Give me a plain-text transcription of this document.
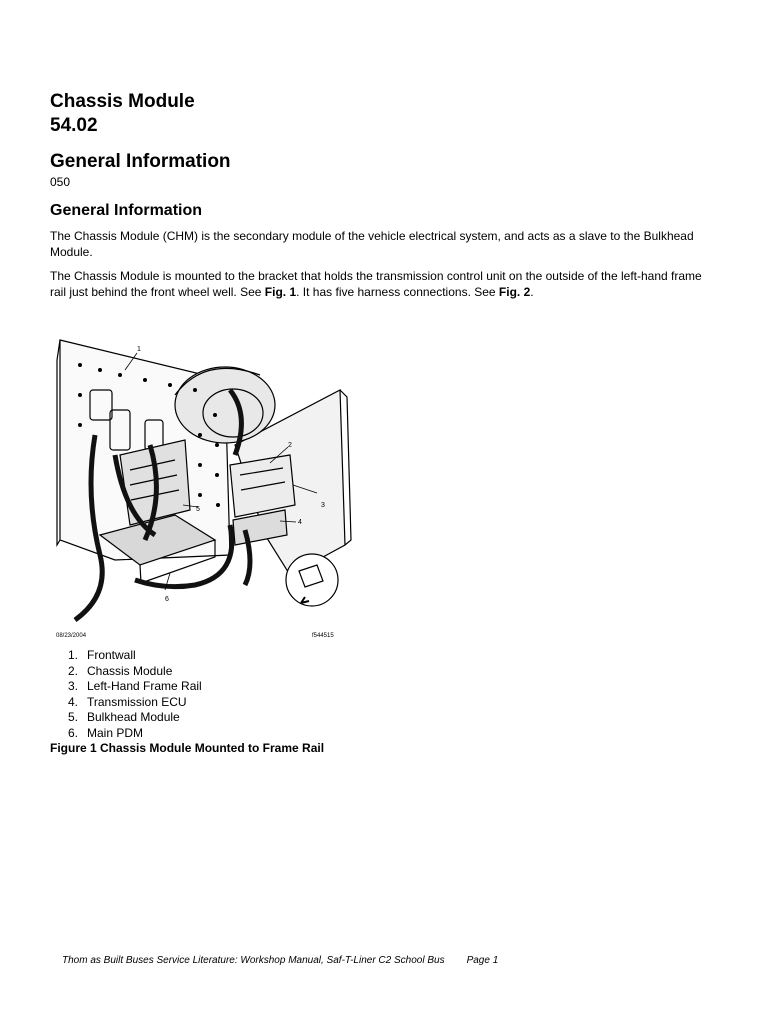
Chassis Module
54.02
General Information
050
General Information
The Chassis Module (CHM) is the secondary module of the vehicle electrical system, and acts as a slave to the Bulkhead Module.
The Chassis Module is mounted to the bracket that holds the transmission control unit on the outside of the left-hand frame rail just behind the front wheel well. See Fig. 1. It has five harness connections. See Fig. 2.
1
2
3
4
5
6
08/23/2004	f544515
1. Frontwall
2. Chassis Module
3. Left-Hand Frame Rail
4. Transmission ECU
5. Bulkhead Module
6. Main PDM
Figure 1 Chassis Module Mounted to Frame Rail
Thom as Built Buses Service Literature: Workshop Manual, Saf-T-Liner C2 School Bus Page 1
